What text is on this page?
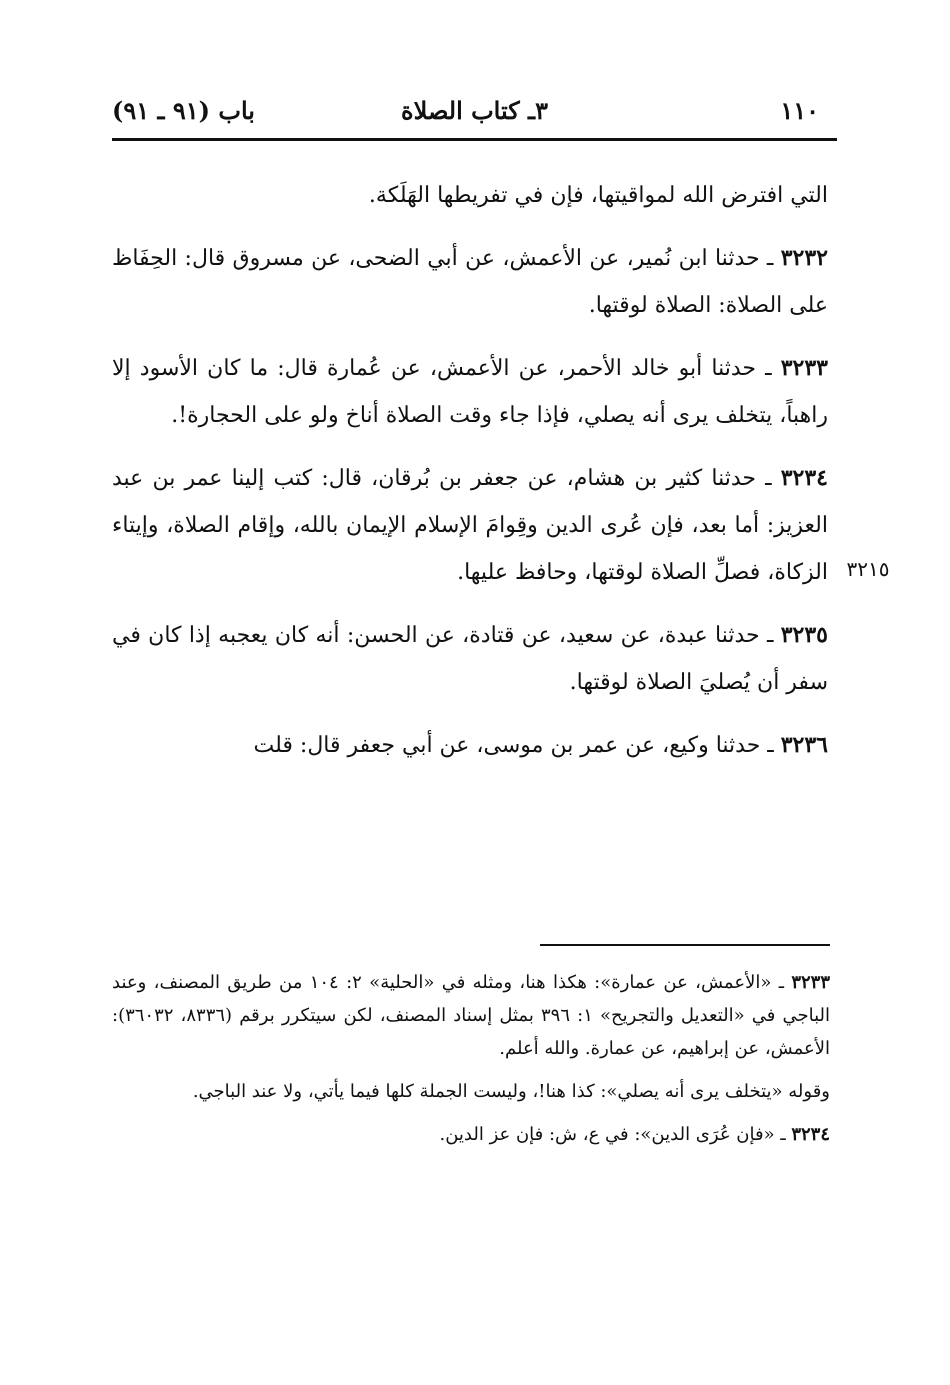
١١٠
٣ـ كتاب الصلاة
باب (٩١ ـ ٩١)
٣٢١٥

التي افترض الله لمواقيتها، فإن في تفريطها الهَلَكة.

٣٢٣٢ ـ حدثنا ابن نُمير، عن الأعمش، عن أبي الضحى، عن مسروق قال: الحِفَاظ على الصلاة: الصلاة لوقتها.

٣٢٣٣ ـ حدثنا أبو خالد الأحمر، عن الأعمش، عن عُمارة قال: ما كان الأسود إلا راهباً، يتخلف يرى أنه يصلي، فإذا جاء وقت الصلاة أناخ ولو على الحجارة!.

٣٢٣٤ ـ حدثنا كثير بن هشام، عن جعفر بن بُرقان، قال: كتب إلينا عمر بن عبد العزيز: أما بعد، فإن عُرى الدين وقِوامَ الإسلام الإيمان بالله، وإقام الصلاة، وإيتاء الزكاة، فصلِّ الصلاة لوقتها، وحافظ عليها.

٣٢٣٥ ـ حدثنا عبدة، عن سعيد، عن قتادة، عن الحسن: أنه كان يعجبه إذا كان في سفر أن يُصليَ الصلاة لوقتها.

٣٢٣٦ ـ حدثنا وكيع، عن عمر بن موسى، عن أبي جعفر قال: قلت

٣٢٣٣ ـ «الأعمش، عن عمارة»: هكذا هنا، ومثله في «الحلية» ٢: ١٠٤ من طريق المصنف، وعند الباجي في «التعديل والتجريح» ١: ٣٩٦ بمثل إسناد المصنف، لكن سيتكرر برقم (٨٣٣٦، ٣٦٠٣٢): الأعمش، عن إبراهيم، عن عمارة. والله أعلم.

وقوله «يتخلف يرى أنه يصلي»: كذا هنا!، وليست الجملة كلها فيما يأتي، ولا عند الباجي.

٣٢٣٤ ـ «فإن عُرَى الدين»: في ع، ش: فإن عز الدين.
